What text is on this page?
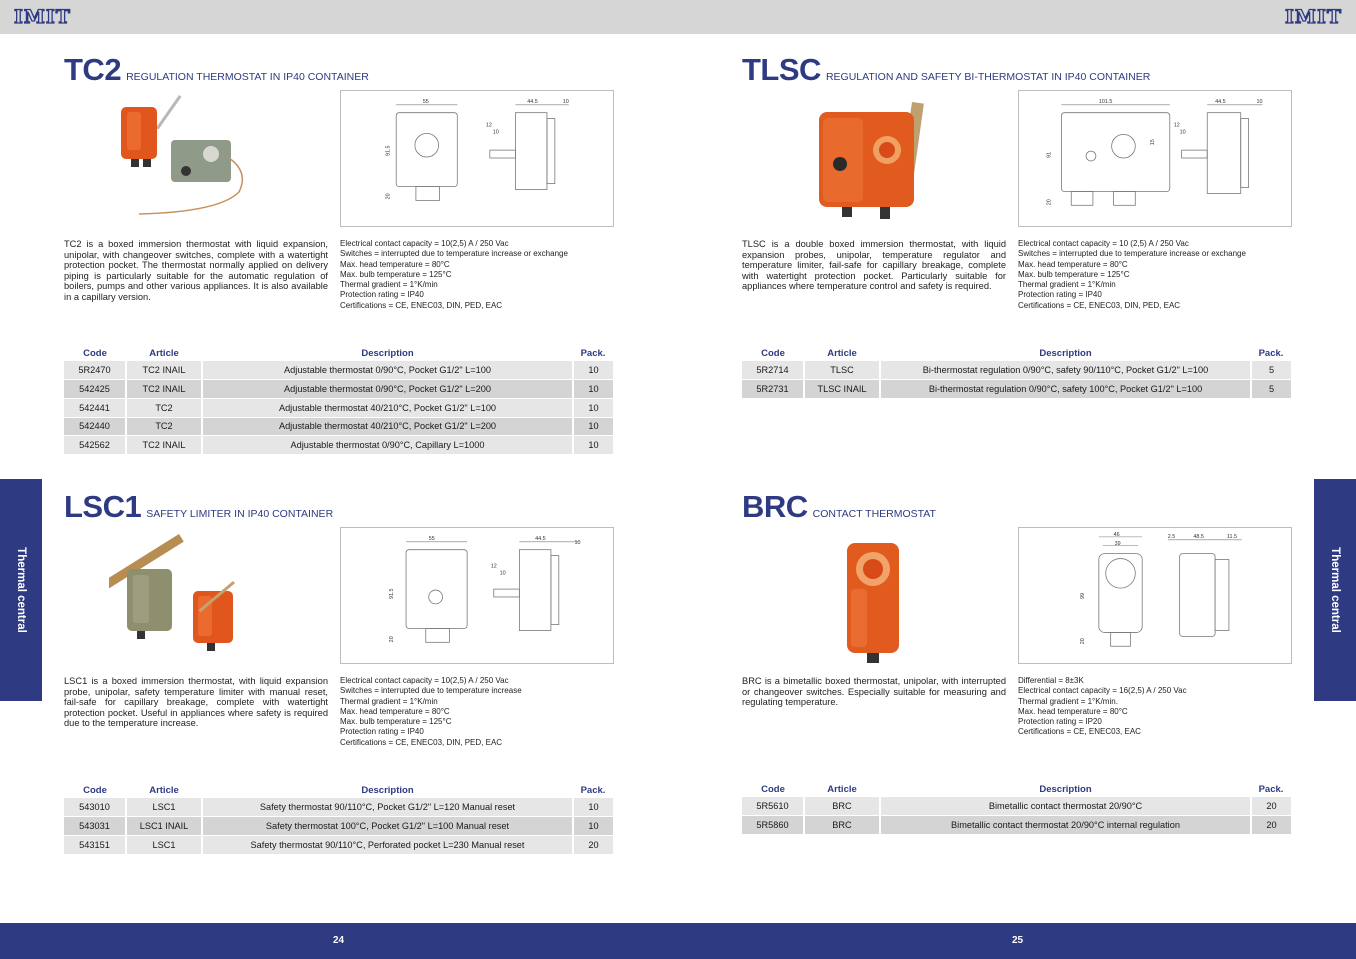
IMIT	IMIT
Thermal central	Thermal central
TC2 REGULATION THERMOSTAT IN IP40 CONTAINER
55
91.5
20
44.5	10
12
10
TC2 is a boxed immersion thermostat with liquid expansion, unipolar, with changeover switches, complete with a watertight protection pocket. The thermostat normally applied on delivery piping is particularly suitable for the automatic regulation of boilers, pumps and other various appliances. It is also available in a capillary version.
Electrical contact capacity = 10(2,5) A / 250 Vac
Switches = interrupted due to temperature increase or exchange
Max. head temperature = 80°C
Max. bulb temperature = 125°C
Thermal gradient = 1°K/min
Protection rating = IP40
Certifications = CE, ENEC03, DIN, PED, EAC
Code	Article	Description	Pack.
5R2470	TC2 INAIL	Adjustable thermostat 0/90°C, Pocket G1/2" L=100	10
542425	TC2 INAIL	Adjustable thermostat 0/90°C, Pocket G1/2" L=200	10
542441	TC2	Adjustable thermostat 40/210°C, Pocket G1/2" L=100	10
542440	TC2	Adjustable thermostat 40/210°C, Pocket G1/2" L=200	10
542562	TC2 INAIL	Adjustable thermostat 0/90°C, Capillary L=1000	10
TLSC REGULATION AND SAFETY BI-THERMOSTAT IN IP40 CONTAINER
101.5
91
20
15
44.5	10
12
10
TLSC is a double boxed immersion thermostat, with liquid expansion probes, unipolar, temperature regulator and temperature limiter, fail-safe for capillary breakage, complete with watertight protection pocket. Particularly suitable for appliances where temperature control and safety is required.
Electrical contact capacity = 10 (2,5) A / 250 Vac
Switches = interrupted due to temperature increase or exchange
Max. head temperature = 80°C
Max. bulb temperature = 125°C
Thermal gradient = 1°K/min
Protection rating = IP40
Certifications = CE, ENEC03, DIN, PED, EAC
Code	Article	Description	Pack.
5R2714	TLSC	Bi-thermostat regulation 0/90°C, safety 90/110°C, Pocket G1/2" L=100	5
5R2731	TLSC INAIL	Bi-thermostat regulation 0/90°C, safety 100°C, Pocket G1/2" L=100	5
LSC1 SAFETY LIMITER IN IP40 CONTAINER
55
91.5
20
44.5
10
12
10
LSC1 is a boxed immersion thermostat, with liquid expansion probe, unipolar, safety temperature limiter with manual reset, fail-safe for capillary breakage, complete with watertight protection pocket. Useful in appliances where safety is required due to the temperature increase.
Electrical contact capacity = 10(2,5) A / 250 Vac
Switches = interrupted due to temperature increase
Thermal gradient = 1°K/min
Max. head temperature = 80°C
Max. bulb temperature = 125°C
Protection rating = IP40
Certifications = CE, ENEC03, DIN, PED, EAC
Code	Article	Description	Pack.
543010	LSC1	Safety thermostat 90/110°C, Pocket G1/2" L=120 Manual reset	10
543031	LSC1 INAIL	Safety thermostat 100°C, Pocket G1/2" L=100 Manual reset	10
543151	LSC1	Safety thermostat 90/110°C, Perforated pocket L=230 Manual reset	20
BRC CONTACT THERMOSTAT
46
39
99
20
2.5	48.5	11.5
BRC is a bimetallic boxed thermostat, unipolar, with interrupted or changeover switches. Especially suitable for measuring and regulating temperature.
Differential = 8±3K
Electrical contact capacity = 16(2,5) A / 250 Vac
Thermal gradient = 1°K/min.
Max. head temperature = 80°C
Protection rating = IP20
Certifications = CE, ENEC03, EAC
Code	Article	Description	Pack.
5R5610	BRC	Bimetallic contact thermostat 20/90°C	20
5R5860	BRC	Bimetallic contact thermostat 20/90°C internal regulation	20
24	25
